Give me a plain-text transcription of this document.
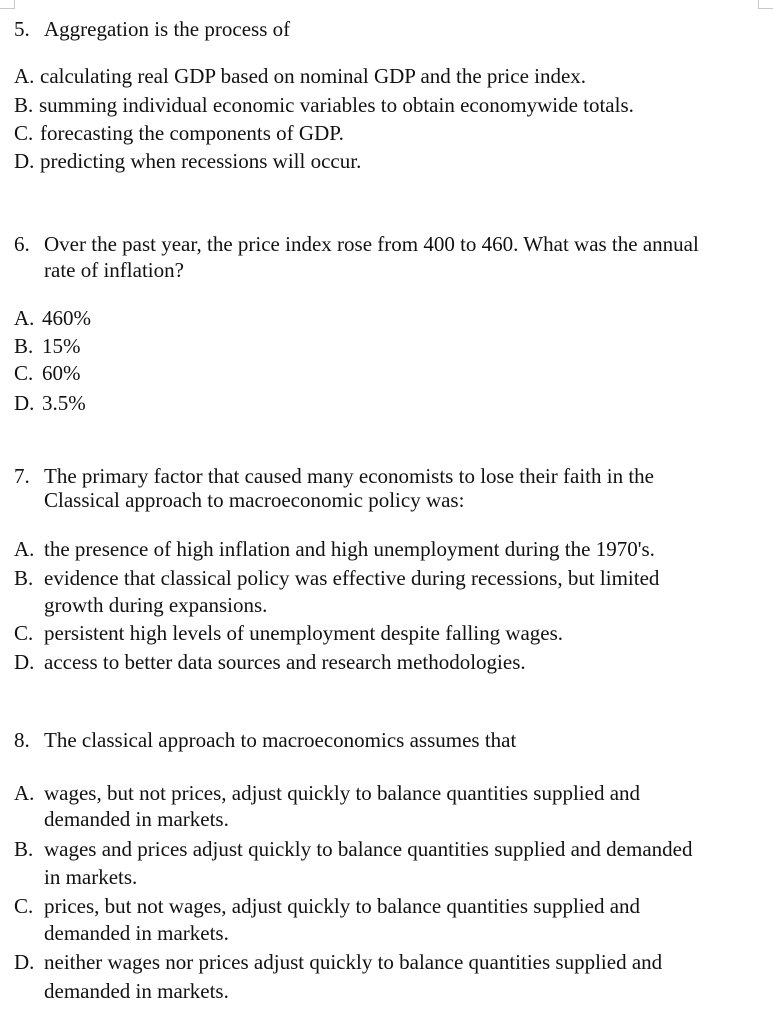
5. Aggregation is the process of
A. calculating real GDP based on nominal GDP and the price index.
B. summing individual economic variables to obtain economywide totals.
C. forecasting the components of GDP.
D. predicting when recessions will occur.
6. Over the past year, the price index rose from 400 to 460. What was the annual
rate of inflation?
A. 460%
B. 15%
C. 60%
D. 3.5%
7. The primary factor that caused many economists to lose their faith in the
Classical approach to macroeconomic policy was:
A. the presence of high inflation and high unemployment during the 1970's.
B. evidence that classical policy was effective during recessions, but limited
growth during expansions.
C. persistent high levels of unemployment despite falling wages.
D. access to better data sources and research methodologies.
8. The classical approach to macroeconomics assumes that
A. wages, but not prices, adjust quickly to balance quantities supplied and
demanded in markets.
B. wages and prices adjust quickly to balance quantities supplied and demanded
in markets.
C. prices, but not wages, adjust quickly to balance quantities supplied and
demanded in markets.
D. neither wages nor prices adjust quickly to balance quantities supplied and
demanded in markets.
